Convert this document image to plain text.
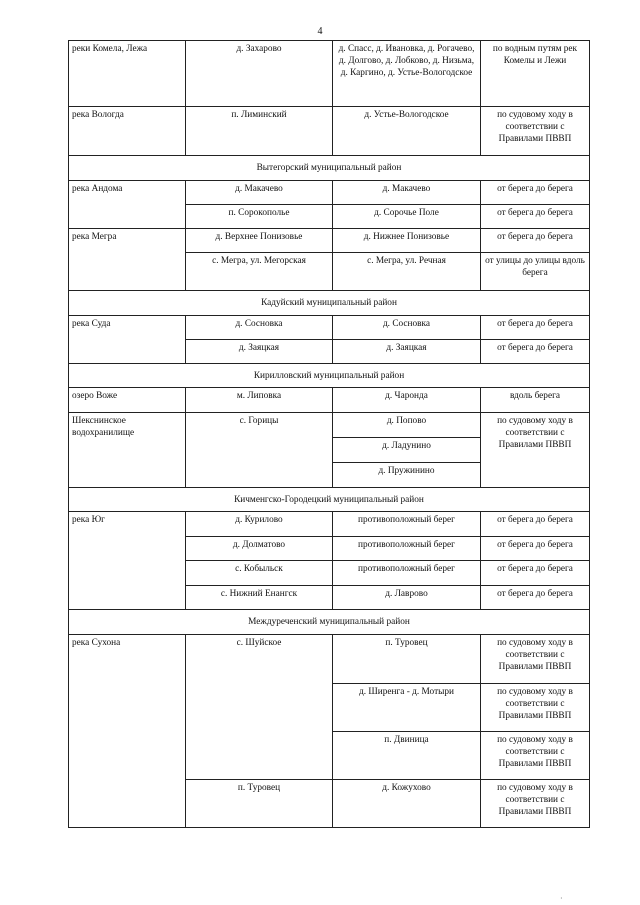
4
реки Комела, Лежа	д. Захарово	д. Спасс, д. Ивановка, д. Рогачево, д. Долгово, д. Лобково, д. Низьма, д. Каргино, д. Устье-Вологодское	по водным путям рек Комелы и Лежи
река Вологда	п. Лиминский	д. Устье-Вологодское	по судовому ходу в соответствии с Правилами ПВВП
Вытегорский муниципальный район			
река Андома	д. Макачево	д. Макачево	от берега до берега
	п. Сорокополье	д. Сорочье Поле	от берега до берега
река Мегра	д. Верхнее Понизовье	д. Нижнее Понизовье	от берега до берега
	с. Мегра, ул. Мегорская	с. Мегра, ул. Речная	от улицы до улицы вдоль берега
Кадуйский муниципальный район			
река Суда	д. Сосновка	д. Сосновка	от берега до берега
	д. Заяцкая	д. Заяцкая	от берега до берега
Кирилловский муниципальный район			
озеро Воже	м. Липовка	д. Чаронда	вдоль берега
Шекснинское водохранилище	с. Горицы	д. Попово	по судовому ходу в соответствии с Правилами ПВВП
		д. Ладунино	
		д. Пружинино	
Кичменгско-Городецкий муниципальный район			
река Юг	д. Курилово	противоположный берег	от берега до берега
	д. Долматово	противоположный берег	от берега до берега
	с. Кобыльск	противоположный берег	от берега до берега
	с. Нижний Енангск	д. Лаврово	от берега до берега
Междуреченский муниципальный район			
река Сухона	с. Шуйское	п. Туровец	по судовому ходу в соответствии с Правилами ПВВП
		д. Ширенга - д. Мотыри	по судовому ходу в соответствии с Правилами ПВВП
		п. Двиница	по судовому ходу в соответствии с Правилами ПВВП
	п. Туровец	д. Кожухово	по судовому ходу в соответствии с Правилами ПВВП
·
